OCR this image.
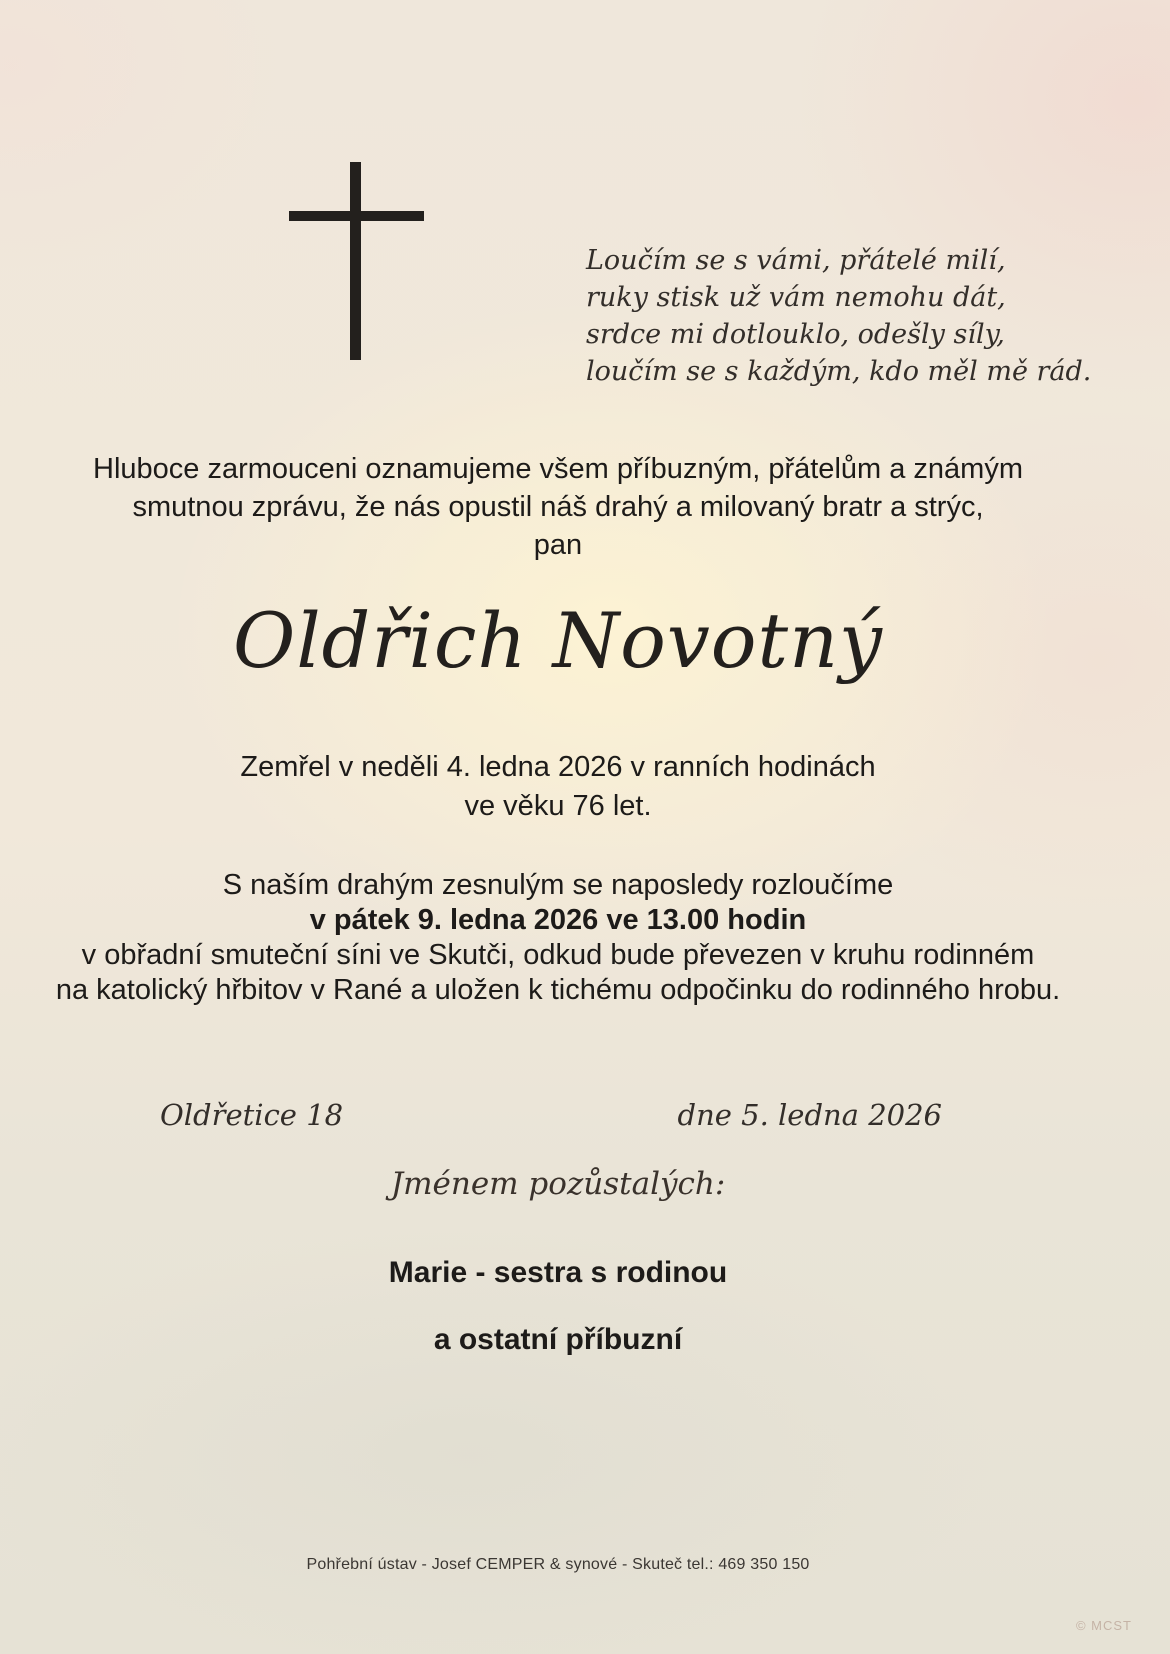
Loučím se s vámi, přátelé milí,
ruky stisk už vám nemohu dát,
srdce mi dotlouklo, odešly síly,
loučím se s každým, kdo měl mě rád.
Hluboce zarmouceni oznamujeme všem příbuzným, přátelům a známým
smutnou zprávu, že nás opustil náš drahý a milovaný bratr a strýc,
pan
Oldřich Novotný
Zemřel v neděli 4. ledna 2026 v ranních hodinách
ve věku 76 let.
S naším drahým zesnulým se naposledy rozloučíme
v pátek 9. ledna 2026 ve 13.00 hodin
v obřadní smuteční síni ve Skutči, odkud bude převezen v kruhu rodinném
na katolický hřbitov v Rané a uložen k tichému odpočinku do rodinného hrobu.
Oldřetice 18	dne 5. ledna 2026
Jménem pozůstalých:
Marie - sestra s rodinou
a ostatní příbuzní
Pohřební ústav - Josef CEMPER & synové - Skuteč tel.: 469 350 150
© MCST
